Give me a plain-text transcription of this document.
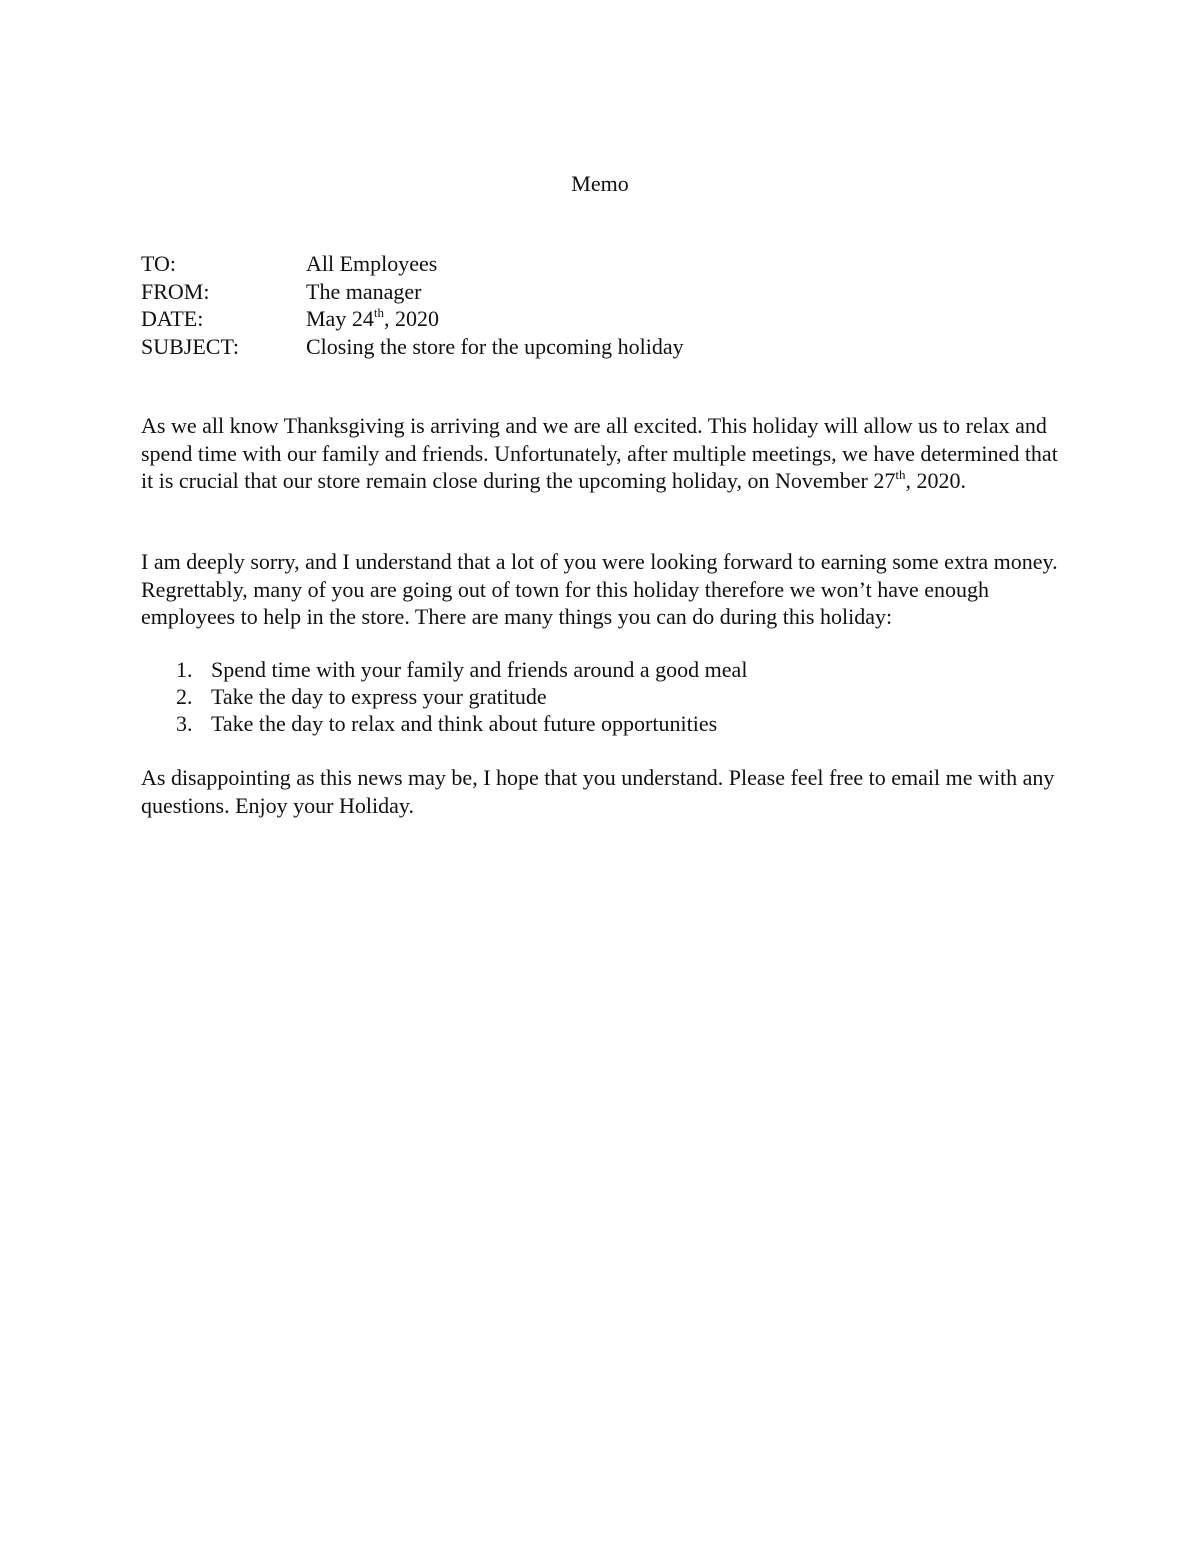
Memo
TO:	All Employees
FROM:	The manager
DATE:	May 24th, 2020
SUBJECT:	Closing the store for the upcoming holiday

As we all know Thanksgiving is arriving and we are all excited. This holiday will allow us to relax and spend time with our family and friends. Unfortunately, after multiple meetings, we have determined that it is crucial that our store remain close during the upcoming holiday, on November 27th, 2020.

I am deeply sorry, and I understand that a lot of you were looking forward to earning some extra money. Regrettably, many of you are going out of town for this holiday therefore we won’t have enough employees to help in the store. There are many things you can do during this holiday:

1. Spend time with your family and friends around a good meal
2. Take the day to express your gratitude
3. Take the day to relax and think about future opportunities

As disappointing as this news may be, I hope that you understand. Please feel free to email me with any questions. Enjoy your Holiday.
